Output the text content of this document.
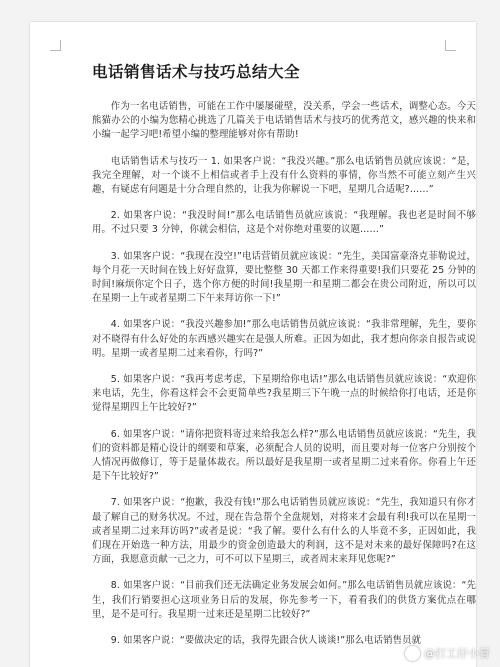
电话销售话术与技巧总结大全

作为一名电话销售，可能在工作中屡屡碰壁，没关系，学会一些话术，调整心态。今天熊猫办公的小编为您精心挑选了几篇关于电话销售话术与技巧的优秀范文，感兴趣的快来和小编一起学习吧!希望小编的整理能够对你有帮助!

电话销售话术与技巧一 1. 如果客户说：“我没兴趣。”那么电话销售员就应该说：“是，我完全理解，对一个谈不上相信或者手上没有什么资料的事情，你当然不可能立刻产生兴趣，有疑虑有问题是十分合理自然的，让我为你解说一下吧，星期几合适呢?……”

2. 如果客户说：“我没时间!”那么电话销售员就应该说：“我理解。我也老是时间不够用。不过只要 3 分钟，你就会相信，这是个对你绝对重要的议题……”

3. 如果客户说：“我现在没空!”电话营销员就应该说：“先生，美国富豪洛克菲勒说过，每个月花一天时间在钱上好好盘算，要比整整 30 天都工作来得重要!我们只要花 25 分钟的时间!麻烦你定个日子，选个你方便的时间!我星期一和星期二都会在贵公司附近，所以可以在星期一上午或者星期二下午来拜访你一下!”

4. 如果客户说：“我没兴趣参加!”那么电话销售员就应该说：“我非常理解，先生，要你对不晓得有什么好处的东西感兴趣实在是强人所难。正因为如此，我才想向你亲自报告或说明。星期一或者星期二过来看你，行吗?”

5. 如果客户说：“我再考虑考虑，下星期给你电话!”那么电话销售员就应该说：“欢迎你来电话，先生，你看这样会不会更简单些?我星期三下午晚一点的时候给你打电话，还是你觉得星期四上午比较好?”

6. 如果客户说：“请你把资料寄过来给我怎么样?”那么电话销售员就应该说：“先生，我们的资料都是精心设计的纲要和草案，必须配合人员的说明，而且要对每一位客户分别按个人情况再做修订，等于是量体裁衣。所以最好是我星期一或者星期二过来看你。你看上午还是下午比较好?”

7. 如果客户说：“抱歉，我没有钱!”那么电话销售员就应该说：“先生，我知道只有你才最了解自己的财务状况。不过，现在告急帮个全盘规划，对将来才会最有利!我可以在星期一或者星期二过来拜访吗?”或者是说：“我了解。要什么有什么的人毕竟不多，正因如此，我们现在开始选一种方法，用最少的资金创造最大的利润，这不是对未来的最好保障吗?在这方面，我愿意贡献一己之力，可不可以下星期三，或者周末来拜见您呢?”

8. 如果客户说：“目前我们还无法确定业务发展会如何。”那么电话销售员就应该说：“先生，我们行销要担心这项业务日后的发展，你先参考一下，看看我们的供货方案优点在哪里，是不是可行。我星期一过来还是星期二比较好?”

9. 如果客户说：“要做决定的话，我得先跟合伙人谈谈!”那么电话销售员就

@打工仔小冒
